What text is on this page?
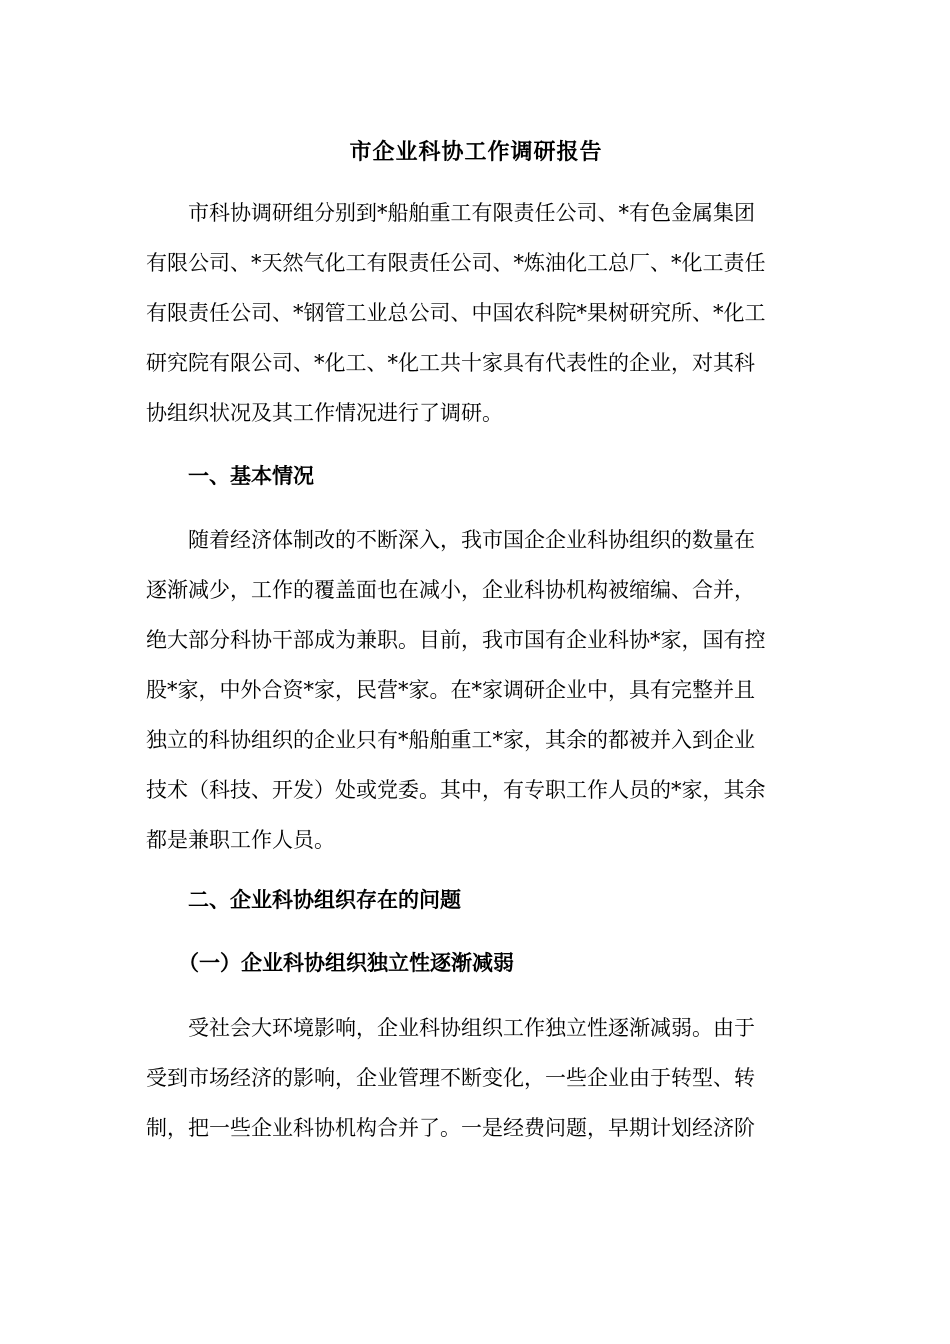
市企业科协工作调研报告
市科协调研组分别到*船舶重工有限责任公司、*有色金属集团
有限公司、*天然气化工有限责任公司、*炼油化工总厂、*化工责任
有限责任公司、*钢管工业总公司、中国农科院*果树研究所、*化工
研究院有限公司、*化工、*化工共十家具有代表性的企业，对其科
协组织状况及其工作情况进行了调研。
一、基本情况
随着经济体制改的不断深入，我市国企企业科协组织的数量在
逐渐减少，工作的覆盖面也在减小，企业科协机构被缩编、合并，
绝大部分科协干部成为兼职。目前，我市国有企业科协*家，国有控
股*家，中外合资*家，民营*家。在*家调研企业中，具有完整并且
独立的科协组织的企业只有*船舶重工*家，其余的都被并入到企业
技术（科技、开发）处或党委。其中，有专职工作人员的*家，其余
都是兼职工作人员。
二、企业科协组织存在的问题
（一）企业科协组织独立性逐渐减弱
受社会大环境影响，企业科协组织工作独立性逐渐减弱。由于
受到市场经济的影响，企业管理不断变化，一些企业由于转型、转
制，把一些企业科协机构合并了。一是经费问题，早期计划经济阶
